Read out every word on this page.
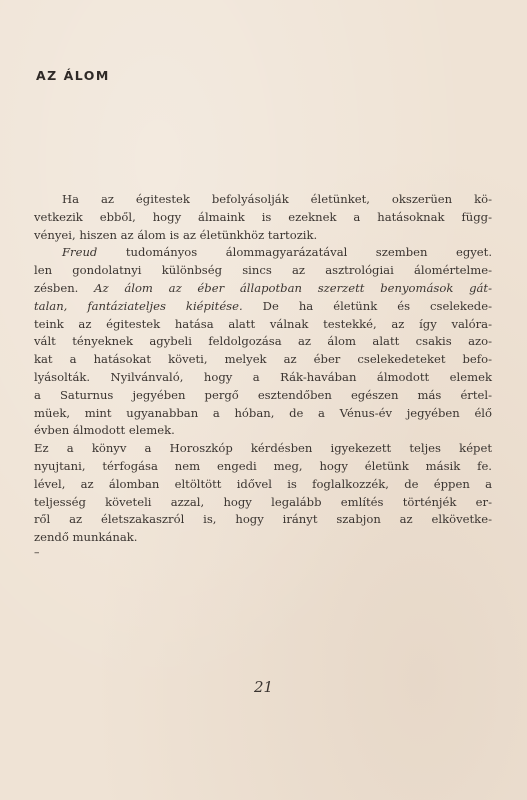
AZ ÁLOM

Ha az égitestek befolyásolják életünket, okszerüen kö-
vetkezik ebből, hogy álmaink is ezeknek a hatásoknak függ-
vényei, hiszen az álom is az életünkhöz tartozik.

Freud tudományos álommagyarázatával szemben egyet.
len gondolatnyi különbség sincs az asztrológiai álomértelme-
zésben. Az álom az éber állapotban szerzett benyomások gát-
talan, fantáziateljes kiépitése. De ha életünk és cselekede-
teink az égitestek hatása alatt válnak testekké, az így valóra-
vált tényeknek agybeli feldolgozása az álom alatt csakis azo-
kat a hatásokat követi, melyek az éber cselekedeteket befo-
lyásolták. Nyilvánvaló, hogy a Rák-havában álmodott elemek
a Saturnus jegyében pergő esztendőben egészen más értel-
müek, mint ugyanabban a hóban, de a Vénus-év jegyében élő
évben álmodott elemek.

Ez a könyv a Horoszkóp kérdésben igyekezett teljes képet
nyujtani, térfogása nem engedi meg, hogy életünk másik fe.
lével, az álomban eltöltött idővel is foglalkozzék, de éppen a
teljesség követeli azzal, hogy legalább említés történjék er-
ről az életszakaszról is, hogy irányt szabjon az elkövetke-
zendő munkának.

–
21
